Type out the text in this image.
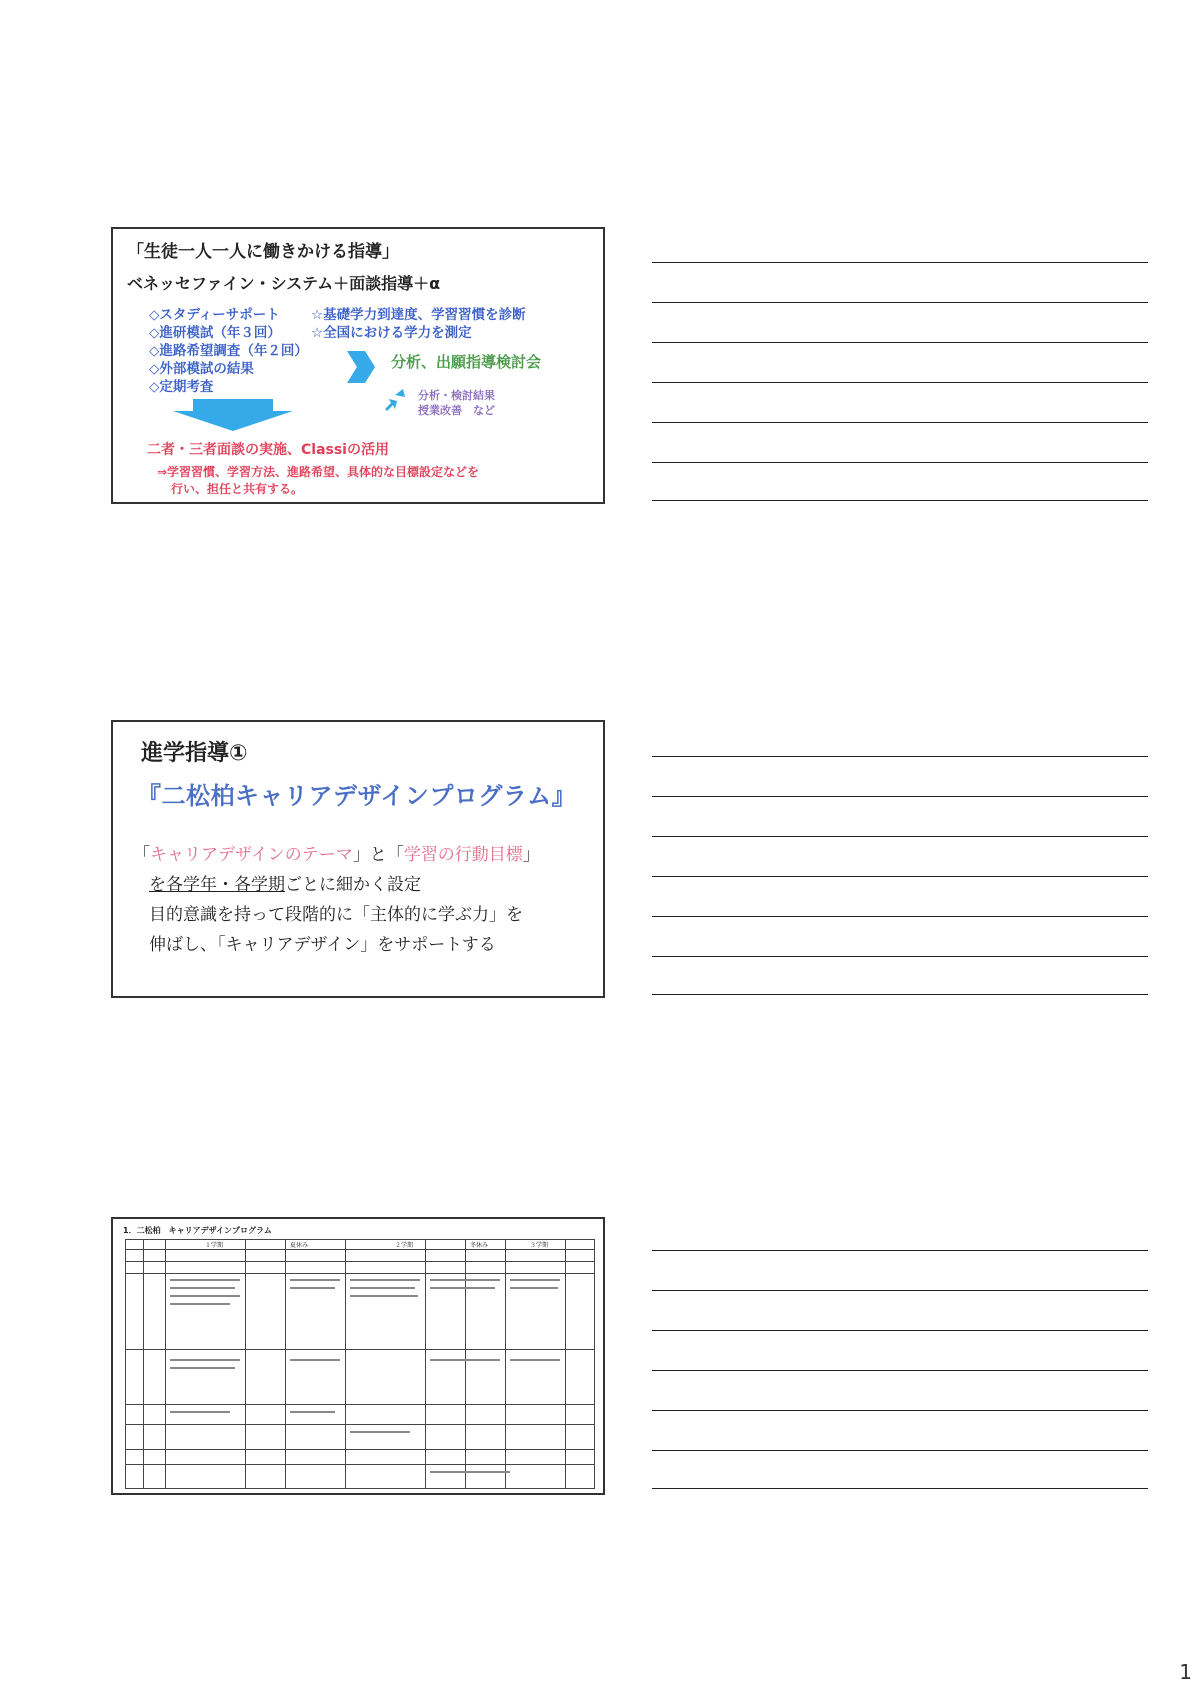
「生徒一人一人に働きかける指導」
ベネッセファイン・システム＋面談指導＋α
◇スタディーサポート
◇進研模試（年３回）
◇進路希望調査（年２回）
◇外部模試の結果
◇定期考査
☆基礎学力到達度、学習習慣を診断
☆全国における学力を測定
分析、出願指導検討会
分析・検討結果
授業改善　など
二者・三者面談の実施、Classiの活用
⇒学習習慣、学習方法、進路希望、具体的な目標設定などを
行い、担任と共有する。
進学指導①
『二松柏キャリアデザインプログラム』
「キャリアデザインのテーマ」と「学習の行動目標」
を各学年・各学期ごとに細かく設定
目的意識を持って段階的に「主体的に学ぶ力」を
伸ばし、「キャリアデザイン」をサポートする
1．二松柏　キャリアデザインプログラム
１学期	夏休み	２学期	冬休み	３学期
1
